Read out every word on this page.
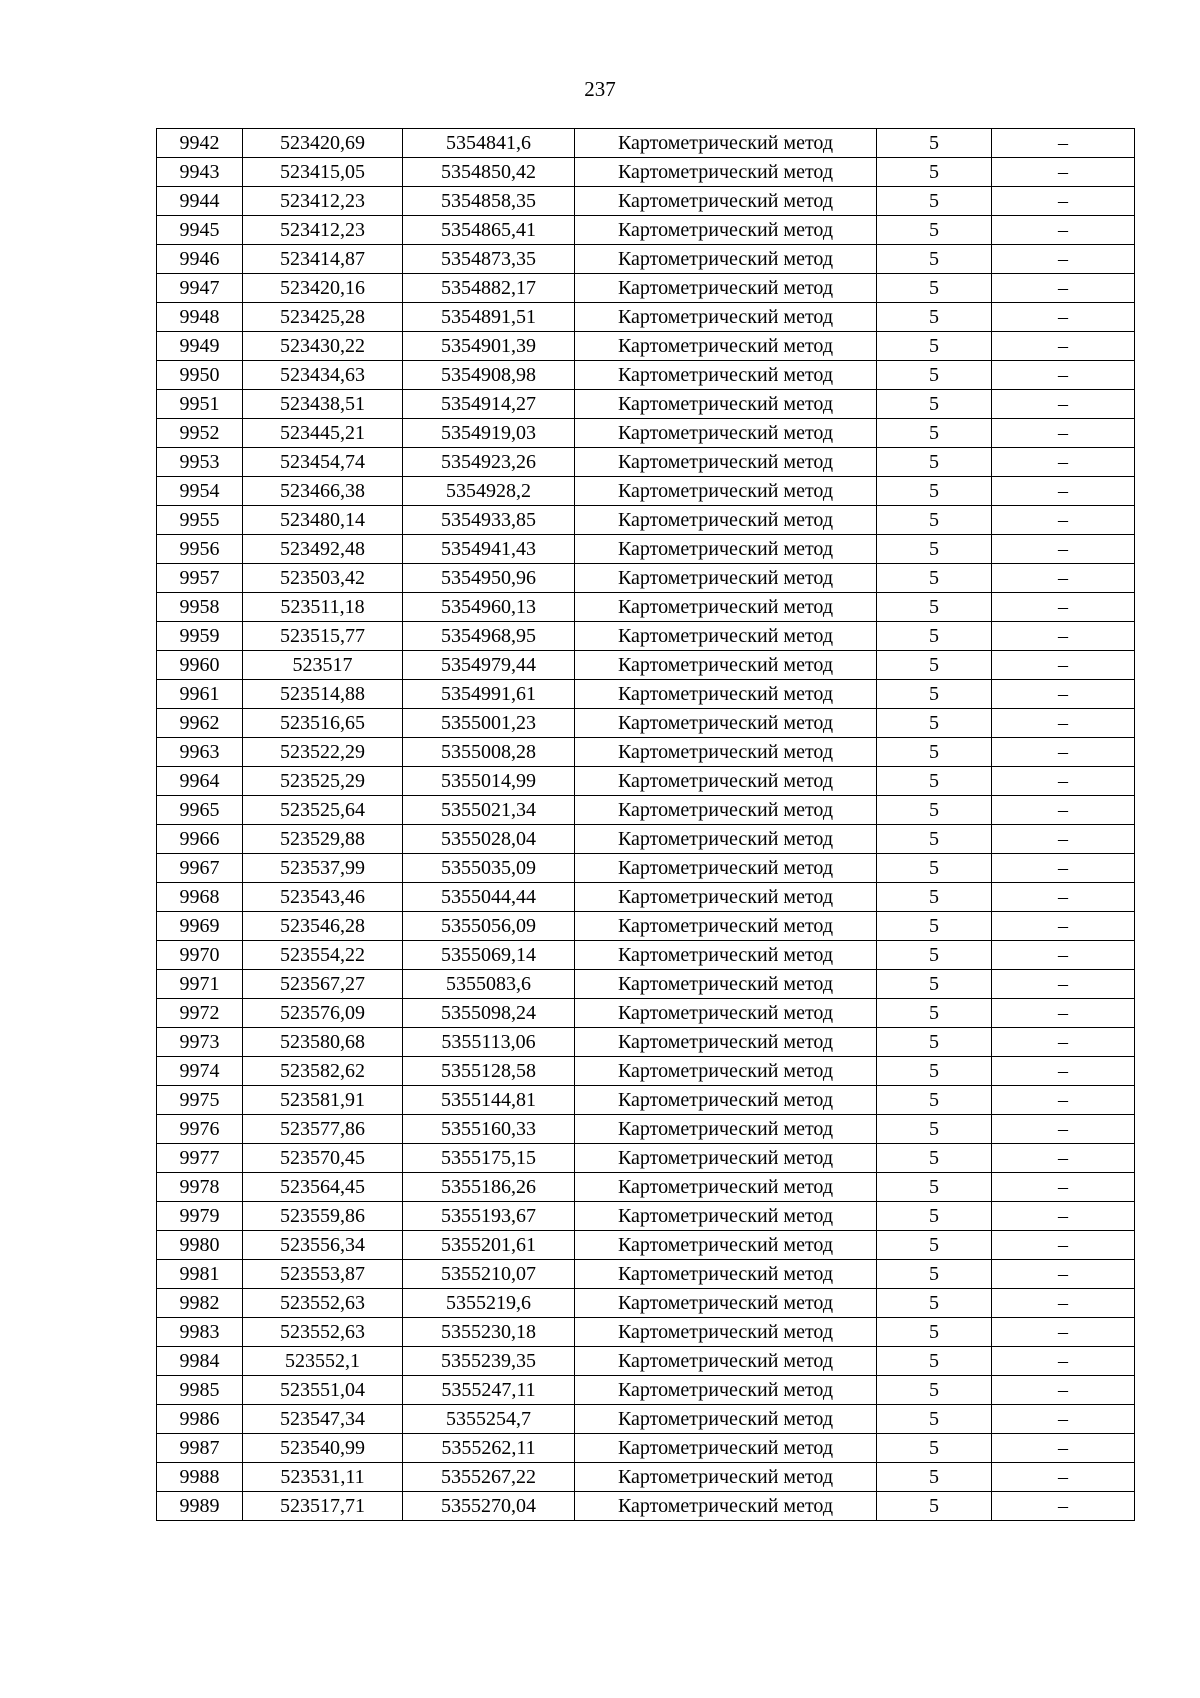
237
9942	523420,69	5354841,6	Картометрический метод	5	–
9943	523415,05	5354850,42	Картометрический метод	5	–
9944	523412,23	5354858,35	Картометрический метод	5	–
9945	523412,23	5354865,41	Картометрический метод	5	–
9946	523414,87	5354873,35	Картометрический метод	5	–
9947	523420,16	5354882,17	Картометрический метод	5	–
9948	523425,28	5354891,51	Картометрический метод	5	–
9949	523430,22	5354901,39	Картометрический метод	5	–
9950	523434,63	5354908,98	Картометрический метод	5	–
9951	523438,51	5354914,27	Картометрический метод	5	–
9952	523445,21	5354919,03	Картометрический метод	5	–
9953	523454,74	5354923,26	Картометрический метод	5	–
9954	523466,38	5354928,2	Картометрический метод	5	–
9955	523480,14	5354933,85	Картометрический метод	5	–
9956	523492,48	5354941,43	Картометрический метод	5	–
9957	523503,42	5354950,96	Картометрический метод	5	–
9958	523511,18	5354960,13	Картометрический метод	5	–
9959	523515,77	5354968,95	Картометрический метод	5	–
9960	523517	5354979,44	Картометрический метод	5	–
9961	523514,88	5354991,61	Картометрический метод	5	–
9962	523516,65	5355001,23	Картометрический метод	5	–
9963	523522,29	5355008,28	Картометрический метод	5	–
9964	523525,29	5355014,99	Картометрический метод	5	–
9965	523525,64	5355021,34	Картометрический метод	5	–
9966	523529,88	5355028,04	Картометрический метод	5	–
9967	523537,99	5355035,09	Картометрический метод	5	–
9968	523543,46	5355044,44	Картометрический метод	5	–
9969	523546,28	5355056,09	Картометрический метод	5	–
9970	523554,22	5355069,14	Картометрический метод	5	–
9971	523567,27	5355083,6	Картометрический метод	5	–
9972	523576,09	5355098,24	Картометрический метод	5	–
9973	523580,68	5355113,06	Картометрический метод	5	–
9974	523582,62	5355128,58	Картометрический метод	5	–
9975	523581,91	5355144,81	Картометрический метод	5	–
9976	523577,86	5355160,33	Картометрический метод	5	–
9977	523570,45	5355175,15	Картометрический метод	5	–
9978	523564,45	5355186,26	Картометрический метод	5	–
9979	523559,86	5355193,67	Картометрический метод	5	–
9980	523556,34	5355201,61	Картометрический метод	5	–
9981	523553,87	5355210,07	Картометрический метод	5	–
9982	523552,63	5355219,6	Картометрический метод	5	–
9983	523552,63	5355230,18	Картометрический метод	5	–
9984	523552,1	5355239,35	Картометрический метод	5	–
9985	523551,04	5355247,11	Картометрический метод	5	–
9986	523547,34	5355254,7	Картометрический метод	5	–
9987	523540,99	5355262,11	Картометрический метод	5	–
9988	523531,11	5355267,22	Картометрический метод	5	–
9989	523517,71	5355270,04	Картометрический метод	5	–
